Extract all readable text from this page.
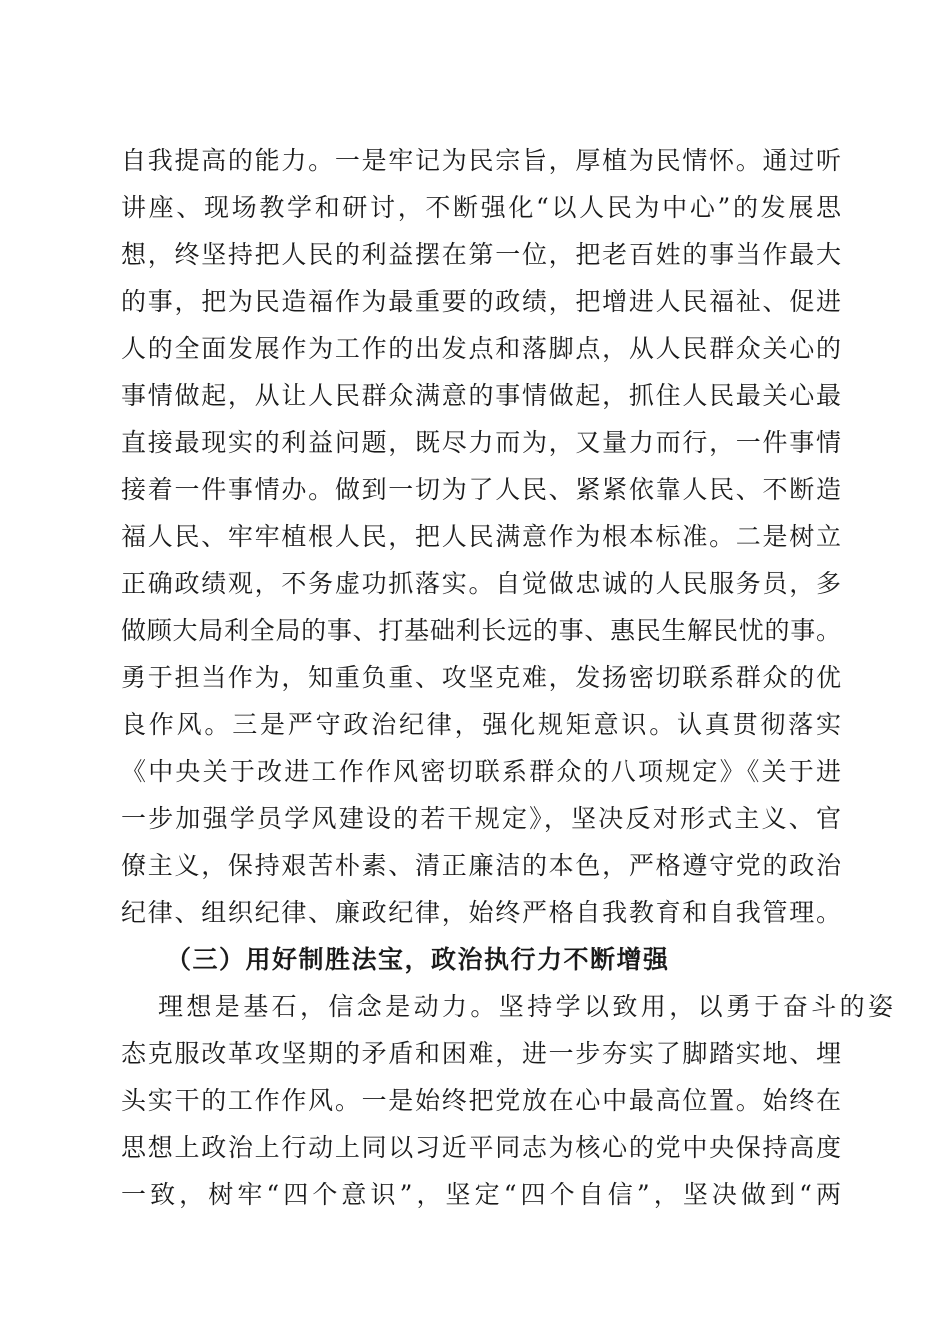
自我提高的能力。一是牢记为民宗旨，厚植为民情怀。通过听
讲座、现场教学和研讨，不断强化“以人民为中心”的发展思
想，终坚持把人民的利益摆在第一位，把老百姓的事当作最大
的事，把为民造福作为最重要的政绩，把增进人民福祉、促进
人的全面发展作为工作的出发点和落脚点，从人民群众关心的
事情做起，从让人民群众满意的事情做起，抓住人民最关心最
直接最现实的利益问题，既尽力而为，又量力而行，一件事情
接着一件事情办。做到一切为了人民、紧紧依靠人民、不断造
福人民、牢牢植根人民，把人民满意作为根本标准。二是树立
正确政绩观，不务虚功抓落实。自觉做忠诚的人民服务员，多
做顾大局利全局的事、打基础利长远的事、惠民生解民忧的事。
勇于担当作为，知重负重、攻坚克难，发扬密切联系群众的优
良作风。三是严守政治纪律，强化规矩意识。认真贯彻落实
《中央关于改进工作作风密切联系群众的八项规定》《关于进
一步加强学员学风建设的若干规定》，坚决反对形式主义、官
僚主义，保持艰苦朴素、清正廉洁的本色，严格遵守党的政治
纪律、组织纪律、廉政纪律，始终严格自我教育和自我管理。
（三）用好制胜法宝，政治执行力不断增强
理想是基石，信念是动力。坚持学以致用，以勇于奋斗的姿
态克服改革攻坚期的矛盾和困难，进一步夯实了脚踏实地、埋
头实干的工作作风。一是始终把党放在心中最高位置。始终在
思想上政治上行动上同以习近平同志为核心的党中央保持高度
一致，树牢“四个意识”，坚定“四个自信”，坚决做到“两
